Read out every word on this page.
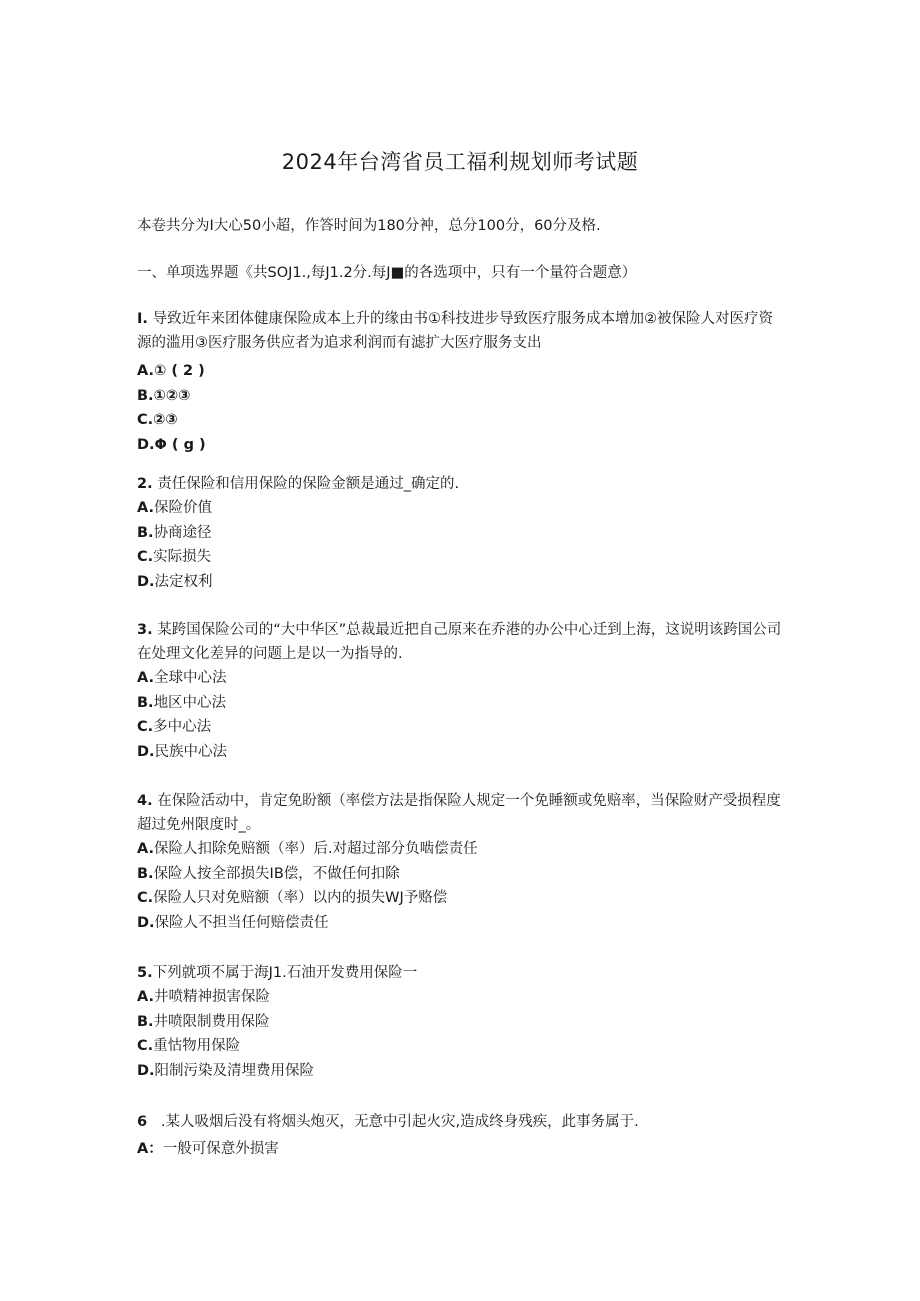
2024年台湾省员工福利规划师考试题
本卷共分为I大心50小超，作答时间为180分衶，总分100分，60分及格.
一、单项选界题《共SOJ1.,每J1.2分.每J■的各选项中，只有一个量符合题意）

I. 导致近年来团体健康保险成本上升的缘由书①科技进步导致医疗服务成本增加②被保险人对医疗资源的滥用③医疗服务供应者为追求利润而有滤扩大医疗服务支出

A.① ( 2 )

B.①②③

C.②③

D.Φ ( g )

2. 责任保险和信用保险的保险金额是通过_确定的.

A.保险价值

B.协商途径

C.实际损失

D.法定权利

3. 某跨国保险公司的“大中华区”总裁最近把自己原来在乔港的办公中心迁到上海，这说明该跨国公司在处理文化差异的问题上是以一为指导的.

A.全球中心法

B.地区中心法

C.多中心法

D.民族中心法

4. 在保险活动中，肯定免盼额（率偿方法是指保险人规定一个免睡额或免赔率，当保险财产受损程度超过免州限度时_。

A.保险人扣除免赔额（率）后.对超过部分负啮偿责任

B.保险人按全部损失IB偿，不做任何扣除

C.保险人只对免赔额（率）以内的损失WJ予赂偿

D.保险人不担当任何赔偿责任

5.下列就项不属于海J1.石油开发费用保险一

A.井喷精神损害保险

B.井喷限制费用保险

C.重怙物用保险

D.阳制污染及清埋费用保险

6   .某人吸烟后没有将烟头炮灭，无意中引起火灾,造成终身残疾，此事务属于.

A：一般可保意外损害
